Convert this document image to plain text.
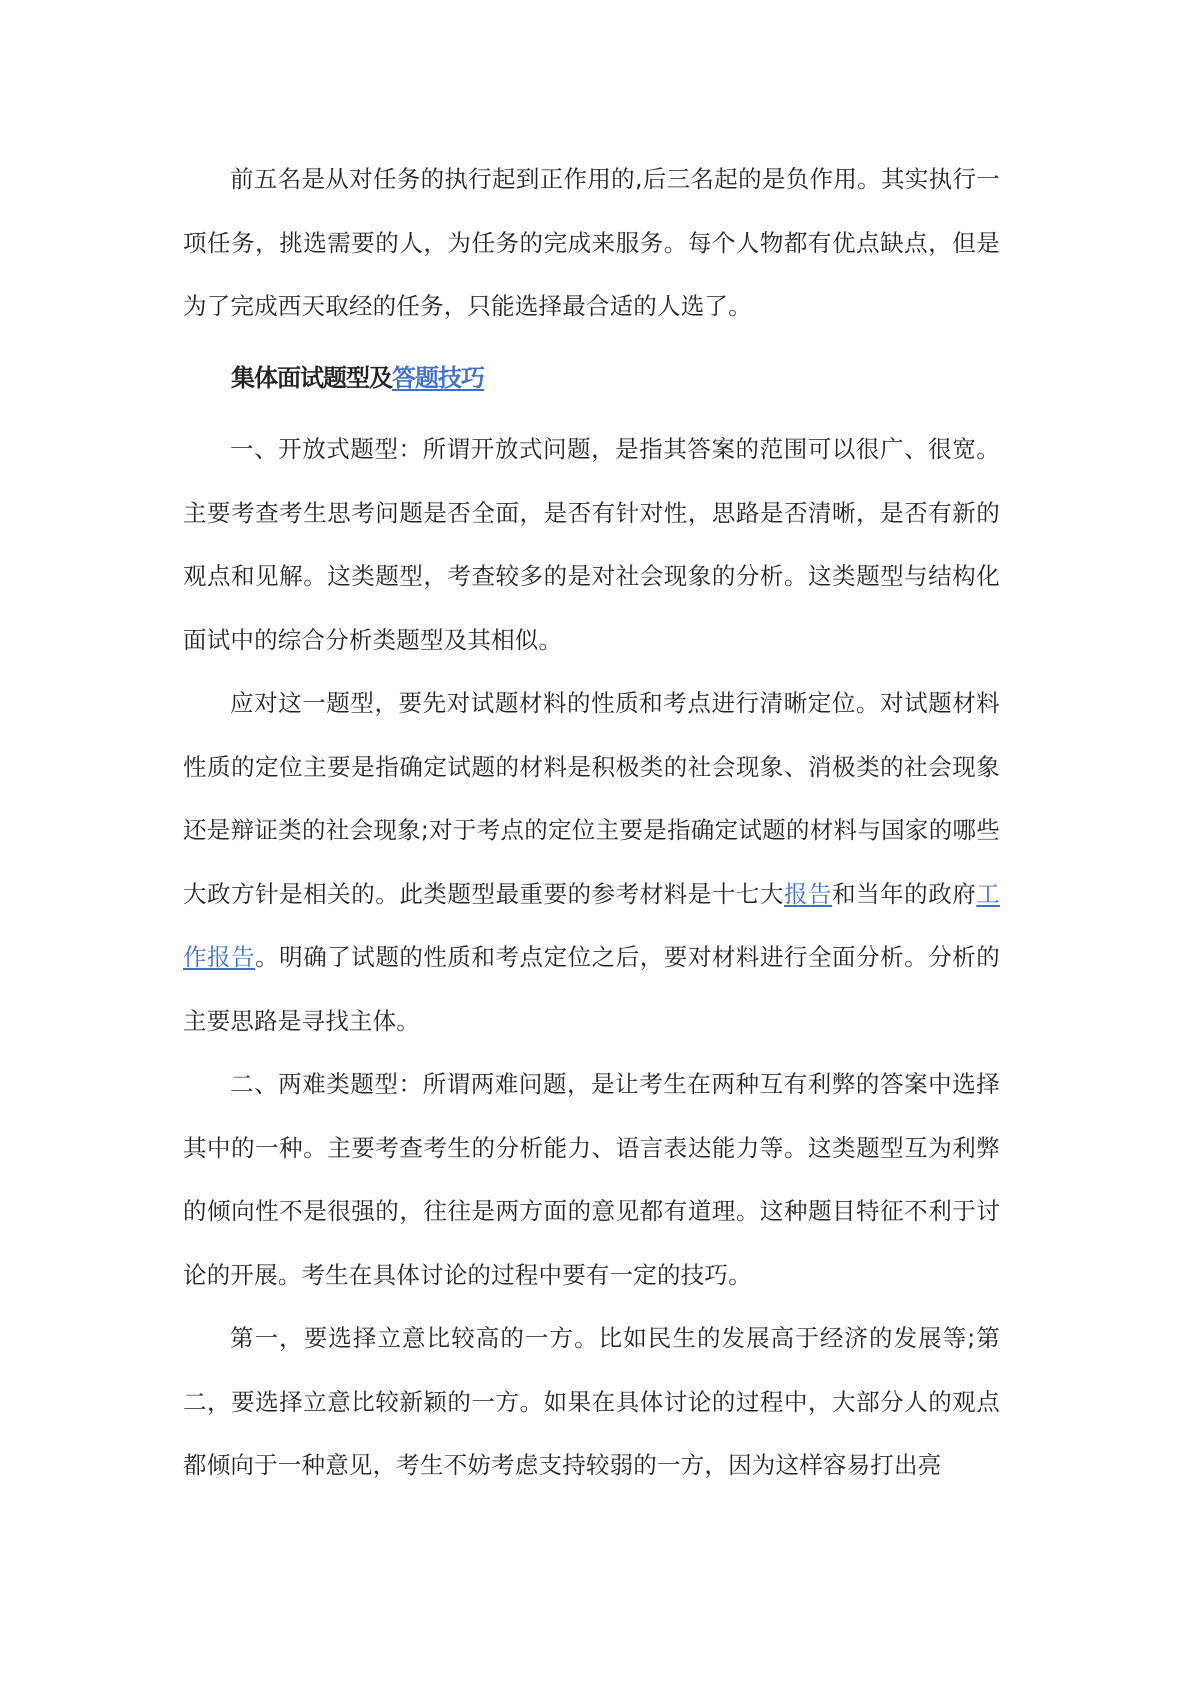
前五名是从对任务的执行起到正作用的,后三名起的是负作用。其实执行一项任务，挑选需要的人，为任务的完成来服务。每个人物都有优点缺点，但是为了完成西天取经的任务，只能选择最合适的人选了。

集体面试题型及答题技巧

一、开放式题型：所谓开放式问题，是指其答案的范围可以很广、很宽。主要考查考生思考问题是否全面，是否有针对性，思路是否清晰，是否有新的观点和见解。这类题型，考查较多的是对社会现象的分析。这类题型与结构化面试中的综合分析类题型及其相似。

应对这一题型，要先对试题材料的性质和考点进行清晰定位。对试题材料性质的定位主要是指确定试题的材料是积极类的社会现象、消极类的社会现象还是辩证类的社会现象;对于考点的定位主要是指确定试题的材料与国家的哪些大政方针是相关的。此类题型最重要的参考材料是十七大报告和当年的政府工作报告。明确了试题的性质和考点定位之后，要对材料进行全面分析。分析的主要思路是寻找主体。

二、两难类题型：所谓两难问题，是让考生在两种互有利弊的答案中选择其中的一种。主要考查考生的分析能力、语言表达能力等。这类题型互为利弊的倾向性不是很强的，往往是两方面的意见都有道理。这种题目特征不利于讨论的开展。考生在具体讨论的过程中要有一定的技巧。

第一，要选择立意比较高的一方。比如民生的发展高于经济的发展等;第二，要选择立意比较新颖的一方。如果在具体讨论的过程中，大部分人的观点都倾向于一种意见，考生不妨考虑支持较弱的一方，因为这样容易打出亮
